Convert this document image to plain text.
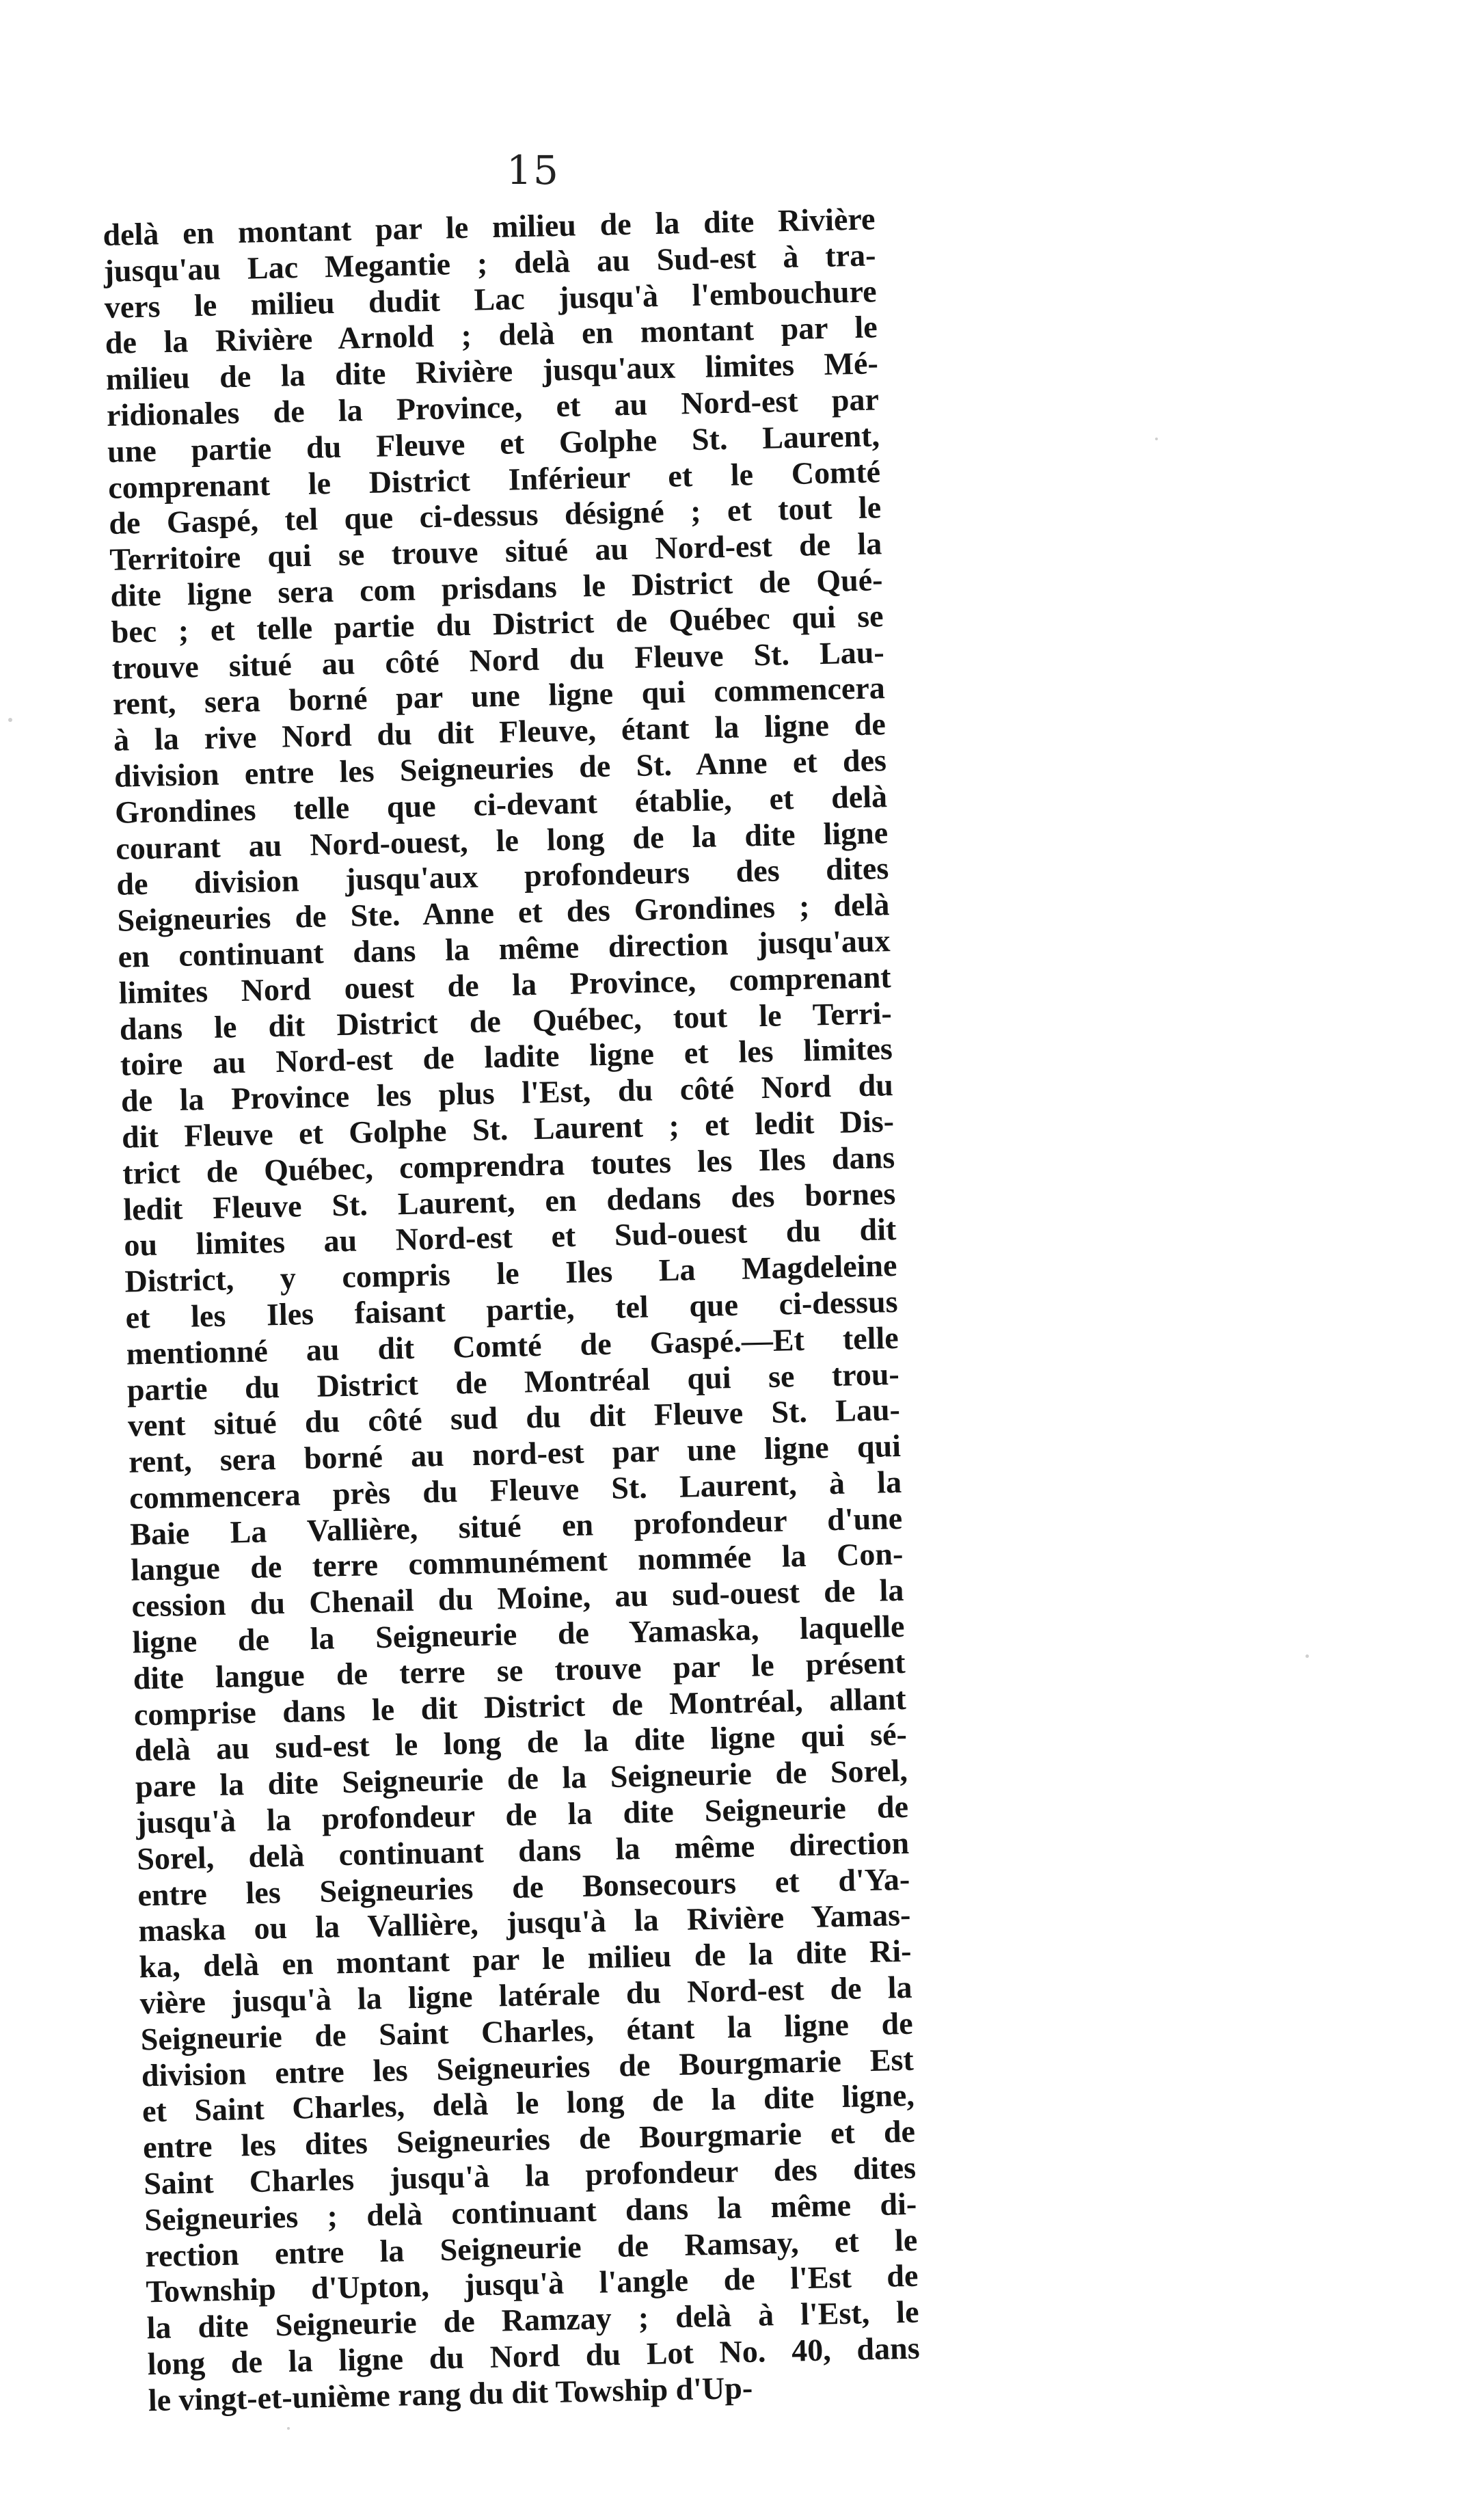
15
delà en montant par le milieu de la dite Rivière
jusqu'au Lac Megantie ; delà au Sud-est à tra-
vers le milieu dudit Lac jusqu'à l'embouchure
de la Rivière Arnold ; delà en montant par le
milieu de la dite Rivière jusqu'aux limites Mé-
ridionales de la Province, et au Nord-est par
une partie du Fleuve et Golphe St. Laurent,
comprenant le District Inférieur et le Comté
de Gaspé, tel que ci-dessus désigné ; et tout le
Territoire qui se trouve situé au Nord-est de la
dite ligne sera com prisdans le District de Qué-
bec ; et telle partie du District de Québec qui se
trouve situé au côté Nord du Fleuve St. Lau-
rent, sera borné par une ligne qui commencera
à la rive Nord du dit Fleuve, étant la ligne de
division entre les Seigneuries de St. Anne et des
Grondines telle que ci-devant établie, et delà
courant au Nord-ouest, le long de la dite ligne
de division jusqu'aux profondeurs des dites
Seigneuries de Ste. Anne et des Grondines ; delà
en continuant dans la même direction jusqu'aux
limites Nord ouest de la Province, comprenant
dans le dit District de Québec, tout le Terri-
toire au Nord-est de ladite ligne et les limites
de la Province les plus l'Est, du côté Nord du
dit Fleuve et Golphe St. Laurent ; et ledit Dis-
trict de Québec, comprendra toutes les Iles dans
ledit Fleuve St. Laurent, en dedans des bornes
ou limites au Nord-est et Sud-ouest du dit
District, y compris le Iles La Magdeleine
et les Iles faisant partie, tel que ci-dessus
mentionné au dit Comté de Gaspé.—Et telle
partie du District de Montréal qui se trou-
vent situé du côté sud du dit Fleuve St. Lau-
rent, sera borné au nord-est par une ligne qui
commencera près du Fleuve St. Laurent, à la
Baie La Vallière, situé en profondeur d'une
langue de terre communément nommée la Con-
cession du Chenail du Moine, au sud-ouest de la
ligne de la Seigneurie de Yamaska, laquelle
dite langue de terre se trouve par le présent
comprise dans le dit District de Montréal, allant
delà au sud-est le long de la dite ligne qui sé-
pare la dite Seigneurie de la Seigneurie de Sorel,
jusqu'à la profondeur de la dite Seigneurie de
Sorel, delà continuant dans la même direction
entre les Seigneuries de Bonsecours et d'Ya-
maska ou la Vallière, jusqu'à la Rivière Yamas-
ka, delà en montant par le milieu de la dite Ri-
vière jusqu'à la ligne latérale du Nord-est de la
Seigneurie de Saint Charles, étant la ligne de
division entre les Seigneuries de Bourgmarie Est
et Saint Charles, delà le long de la dite ligne,
entre les dites Seigneuries de Bourgmarie et de
Saint Charles jusqu'à la profondeur des dites
Seigneuries ; delà continuant dans la même di-
rection entre la Seigneurie de Ramsay, et le
Township d'Upton, jusqu'à l'angle de l'Est de
la dite Seigneurie de Ramzay ; delà à l'Est, le
long de la ligne du Nord du Lot No. 40, dans
le vingt-et-unième rang du dit Towship d'Up-
